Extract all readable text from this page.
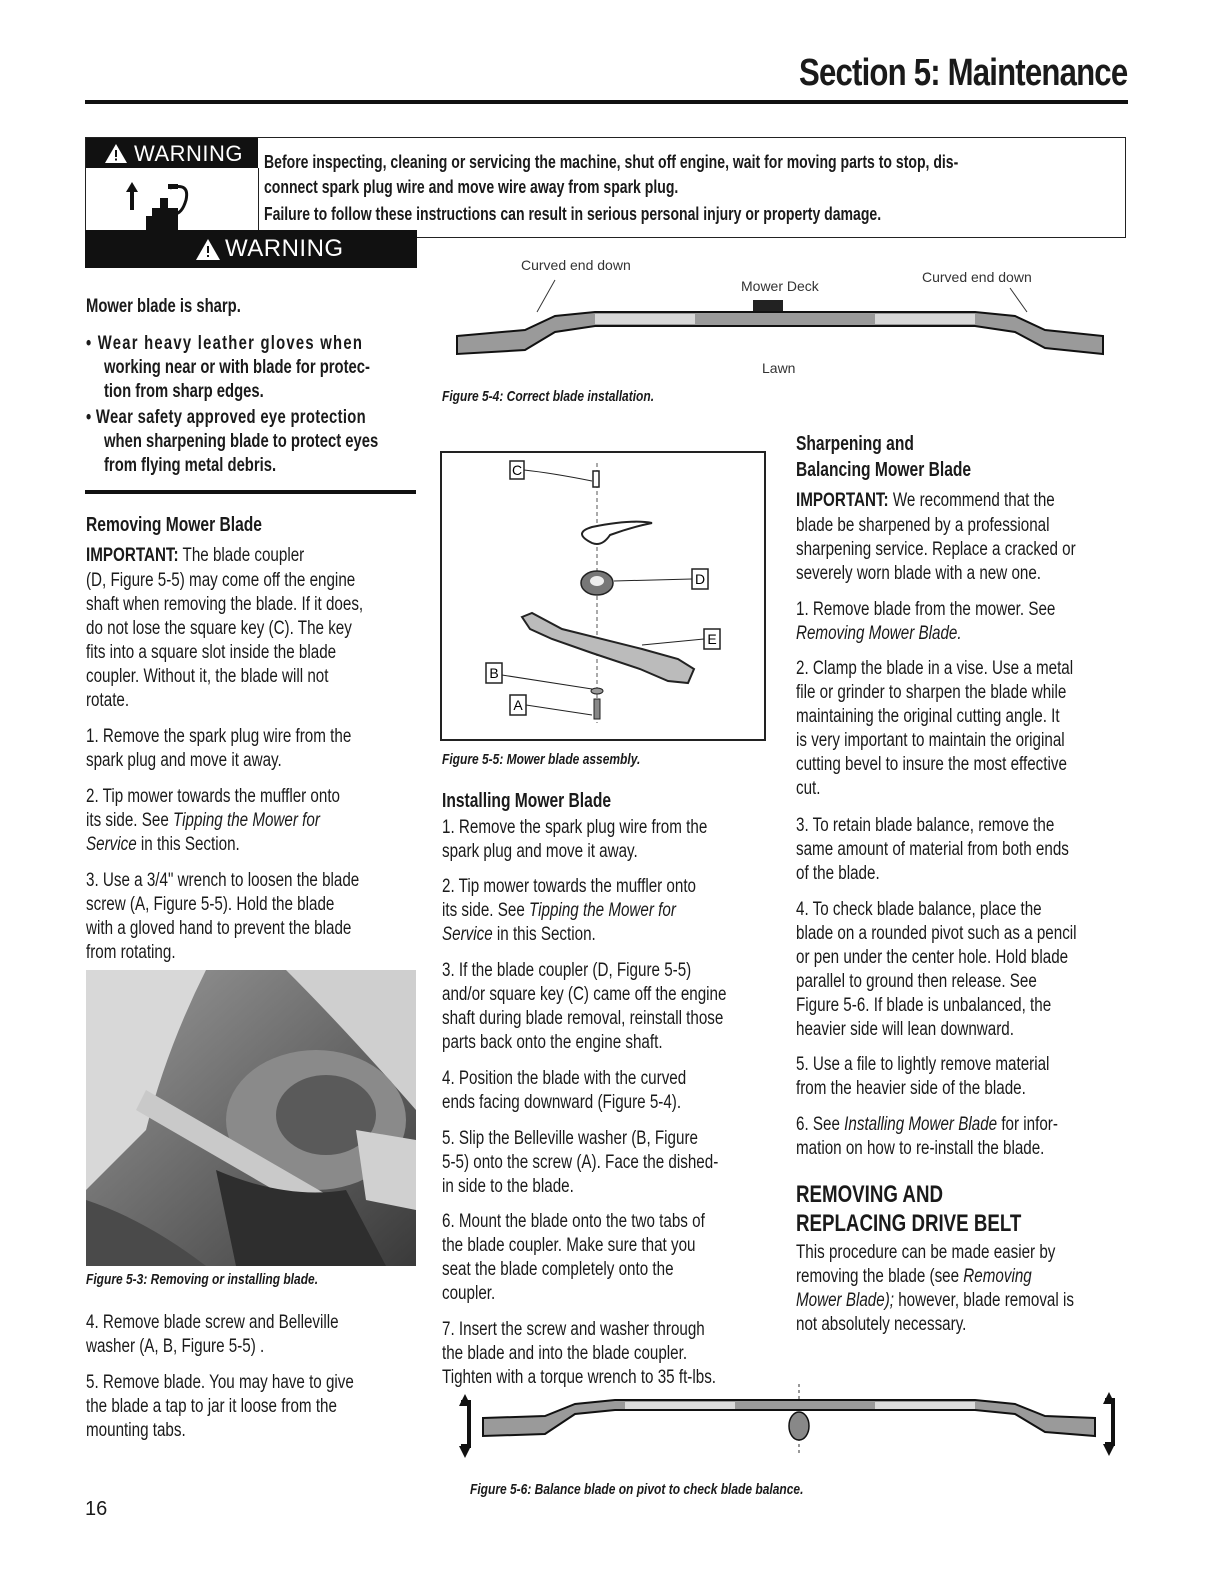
Section 5: Maintenance
WARNING Before inspecting, cleaning or servicing the machine, shut off engine, wait for moving parts to stop, dis-
connect spark plug wire and move wire away from spark plug.
Failure to follow these instructions can result in serious personal injury or property damage.
WARNING
Mower blade is sharp.
• Wear heavy leather gloves when
working near or with blade for protec-
tion from sharp edges.
• Wear safety approved eye protection
when sharpening blade to protect eyes
from flying metal debris.
Removing Mower Blade
IMPORTANT: The blade coupler
(D, Figure 5-5) may come off the engine
shaft when removing the blade. If it does,
do not lose the square key (C). The key
fits into a square slot inside the blade
coupler. Without it, the blade will not
rotate.
1. Remove the spark plug wire from the
spark plug and move it away.
2. Tip mower towards the muffler onto
its side. See Tipping the Mower for
Service in this Section.
3. Use a 3/4" wrench to loosen the blade
screw (A, Figure 5-5). Hold the blade
with a gloved hand to prevent the blade
from rotating.
Figure 5-3: Removing or installing blade.
4. Remove blade screw and Belleville
washer (A, B, Figure 5-5) .
5. Remove blade. You may have to give
the blade a tap to jar it loose from the
mounting tabs.
Curved end down
Mower Deck
Curved end down
Lawn
Figure 5-4: Correct blade installation.
C
D
E
B
A
Figure 5-5: Mower blade assembly.
Installing Mower Blade
1. Remove the spark plug wire from the
spark plug and move it away.
2. Tip mower towards the muffler onto
its side. See Tipping the Mower for
Service in this Section.
3. If the blade coupler (D, Figure 5-5)
and/or square key (C) came off the engine
shaft during blade removal, reinstall those
parts back onto the engine shaft.
4. Position the blade with the curved
ends facing downward (Figure 5-4).
5. Slip the Belleville washer (B, Figure
5-5) onto the screw (A). Face the dished-
in side to the blade.
6. Mount the blade onto the two tabs of
the blade coupler. Make sure that you
seat the blade completely onto the
coupler.
7. Insert the screw and washer through
the blade and into the blade coupler.
Tighten with a torque wrench to 35 ft-lbs.
Sharpening and
Balancing Mower Blade
IMPORTANT: We recommend that the
blade be sharpened by a professional
sharpening service. Replace a cracked or
severely worn blade with a new one.
1. Remove blade from the mower. See
Removing Mower Blade.
2. Clamp the blade in a vise. Use a metal
file or grinder to sharpen the blade while
maintaining the original cutting angle. It
is very important to maintain the original
cutting bevel to insure the most effective
cut.
3. To retain blade balance, remove the
same amount of material from both ends
of the blade.
4. To check blade balance, place the
blade on a rounded pivot such as a pencil
or pen under the center hole. Hold blade
parallel to ground then release. See
Figure 5-6. If blade is unbalanced, the
heavier side will lean downward.
5. Use a file to lightly remove material
from the heavier side of the blade.
6. See Installing Mower Blade for infor-
mation on how to re-install the blade.
REMOVING AND
REPLACING DRIVE BELT
This procedure can be made easier by
removing the blade (see Removing
Mower Blade); however, blade removal is
not absolutely necessary.
Figure 5-6: Balance blade on pivot to check blade balance.
16
